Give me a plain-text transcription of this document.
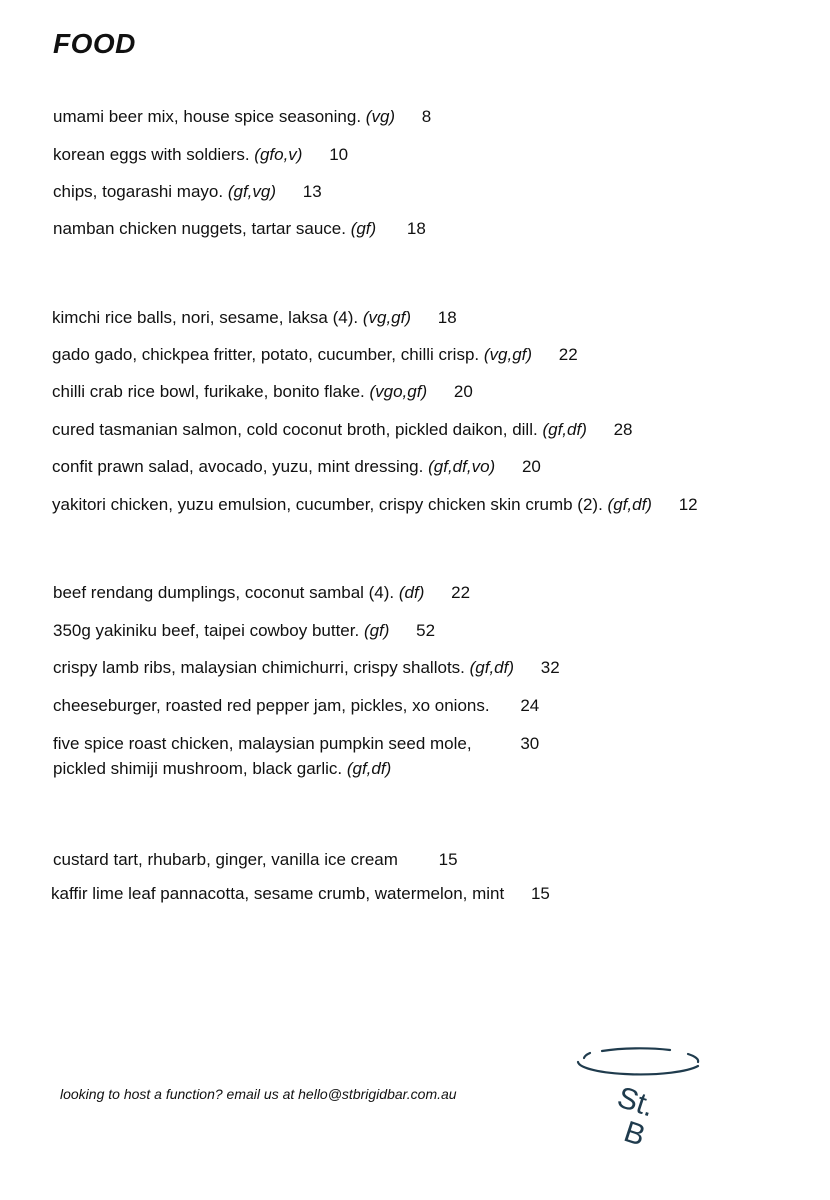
FOOD
umami beer mix, house spice seasoning. (vg) 8
korean eggs with soldiers. (gfo,v) 10
chips, togarashi mayo. (gf,vg) 13
namban chicken nuggets, tartar sauce. (gf) 18
kimchi rice balls, nori, sesame, laksa (4). (vg,gf) 18
gado gado, chickpea fritter, potato, cucumber, chilli crisp. (vg,gf) 22
chilli crab rice bowl, furikake, bonito flake. (vgo,gf) 20
cured tasmanian salmon, cold coconut broth, pickled daikon, dill. (gf,df) 28
confit prawn salad, avocado, yuzu, mint dressing. (gf,df,vo) 20
yakitori chicken, yuzu emulsion, cucumber, crispy chicken skin crumb (2). (gf,df) 12
beef rendang dumplings, coconut sambal (4). (df) 22
350g yakiniku beef, taipei cowboy butter. (gf) 52
crispy lamb ribs, malaysian chimichurri, crispy shallots. (gf,df) 32
cheeseburger, roasted red pepper jam, pickles, xo onions. 24
five spice roast chicken, malaysian pumpkin seed mole,	30
pickled shimiji mushroom, black garlic. (gf,df)
custard tart, rhubarb, ginger, vanilla ice cream 15
kaffir lime leaf pannacotta, sesame crumb, watermelon, mint 15
looking to host a function? email us at hello@stbrigidbar.com.au	St.
B
